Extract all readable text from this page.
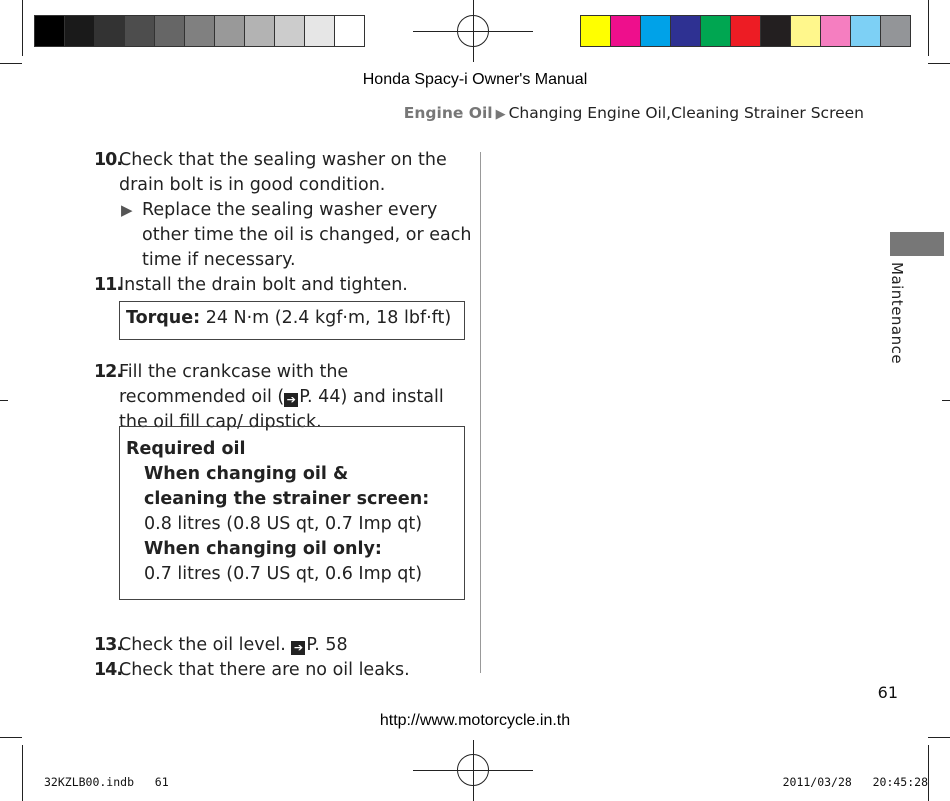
Honda Spacy-i Owner's Manual
Engine Oil ▶ Changing Engine Oil,Cleaning Strainer Screen
10.
Check that the sealing washer on the drain bolt is in good condition.
▶ Replace the sealing washer every other time the oil is changed, or each time if necessary.
11.
Install the drain bolt and tighten.
12.
Fill the crankcase with the recommended oil ( ➔ P. 44) and install the oil fill cap/ dipstick.
13.
Check the oil level. ➔ P. 58
14.
Check that there are no oil leaks.
Torque: 24 N·m (2.4 kgf·m, 18 lbf·ft)
Required oil
When changing oil &
cleaning the strainer screen:
0.8 litres (0.8 US qt, 0.7 Imp qt)
When changing oil only:
0.7 litres (0.7 US qt, 0.6 Imp qt)
Maintenance
61
http://www.motorcycle.in.th
32KZLB00.indb   61	2011/03/28   20:45:28
